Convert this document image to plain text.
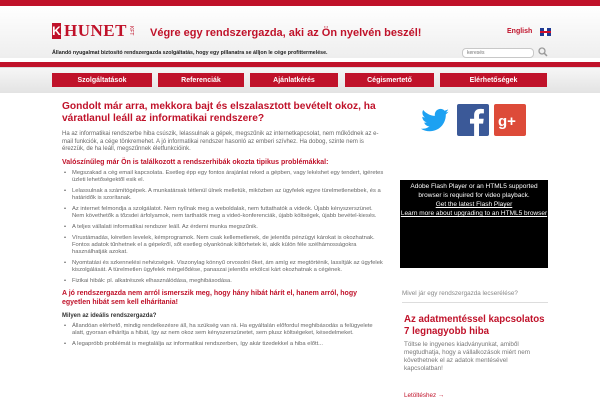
K HUNET KFT Végre egy rendszergazda, aki az Ön nyelvén beszél!	English
Állandó nyugalmat biztosító rendszergazda szolgáltatás, hogy egy pillanatra se álljon le cége profittermelése.
keresés
Szolgáltatások	Referenciák	Ajánlatkérés	Cégismertető	Elérhetőségek
Gondolt már arra, mekkora bajt és elszalasztott bevételt okoz, ha váratlanul leáll az informatikai rendszere?

Ha az informatikai rendszerbe hiba csúszik, lelassulnak a gépek, megszűnik az internetkapcsolat, nem működnek az e-mail funkciók, a cége tönkremehet. A jó informatikai rendszer hasonló az emberi szívhez. Ha dobog, szinte nem is érezzük, de ha leáll, megszűnnek életfunkcióink.

Valószínűleg már Ön is találkozott a rendszerhibák okozta tipikus problémákkal:
• Megszakad a cég email kapcsolata. Esetleg épp egy fontos árajánlat reked a gépben, vagy lekéshet egy tendert, igéretes üzleti lehetőségektől esik el.
• Lelassulnak a számítógépek. A munkatársak tétlenül ülnek melletük, miközben az ügyfelek egyre türelmetlenebbek, és a határidők is szorítanak.
• Az internet felmondja a szolgálatot. Nem nyílnak meg a weboldalak, nem futtathatók a videók. Újabb kényszerszünet. Nem követhetők a tőzsdei árfolyamok, nem tarthatók meg a videó-konferenciák, újabb költségek, újabb bevétel-kiesés.
• A teljes vállalati informatikai rendszer leáll. Az érdemi munka megszűnik.
• Vírustámadás, kéretlen levelek, kémprogramok. Nem csak kellemetlenek, de jelentős pénzügyi károkat is okozhatnak. Fontos adatok tűnhetnek el a gépekről, sőt esetleg olyankónak kiltörhetek ki, akik külön féle szélhámosságokra használhatják azokat.
• Nyomtatási és szkennelési nehézségek. Viszonylag könnyű orvosolni őket, ám amíg ez megtörténik, lassítják az ügyfelek kiszolgálását. A türelmetlen ügyfelek mérgelődése, panaszai jelentős erkölcsi kárt okozhatnak a cégének.
• Fizikai hibák: pl. alkatrészek elhasználódása, meghibásodása.
A jó rendszergazda nem arról ismerszik meg, hogy hány hibát hárít el, hanem arról, hogy egyetlen hibát sem kell elhárítania!
Milyen az ideális rendszergazda?
• Állandóan elérhető, mindig rendelkezésre áll, ha szükség van rá. Ha egyáltalán előfordul meghibásodás a felügyelete alatt, gyorsan elhárítja a hibát, így az nem okoz sem kényszerszünetet, sem plusz költségeket, késedelmeket.
• A legapróbb problémát is megtalálja az informatikai rendszerben, így akár tizedekkel a hiba előtt...
g+
Adobe Flash Player or an HTML5 supported browser is required for video playback.
Get the latest Flash Player
Learn more about upgrading to an HTML5 browser
Mivel jár egy rendszergazda lecserélése?
Az adatmentéssel kapcsolatos 7 legnagyobb hiba
Töltse le ingyenes kiadványunkat, amiből megtudhatja, hogy a vállalkozások miért nem követhetnek el az adatok mentésével kapcsolatban!
Letöltéshez →
